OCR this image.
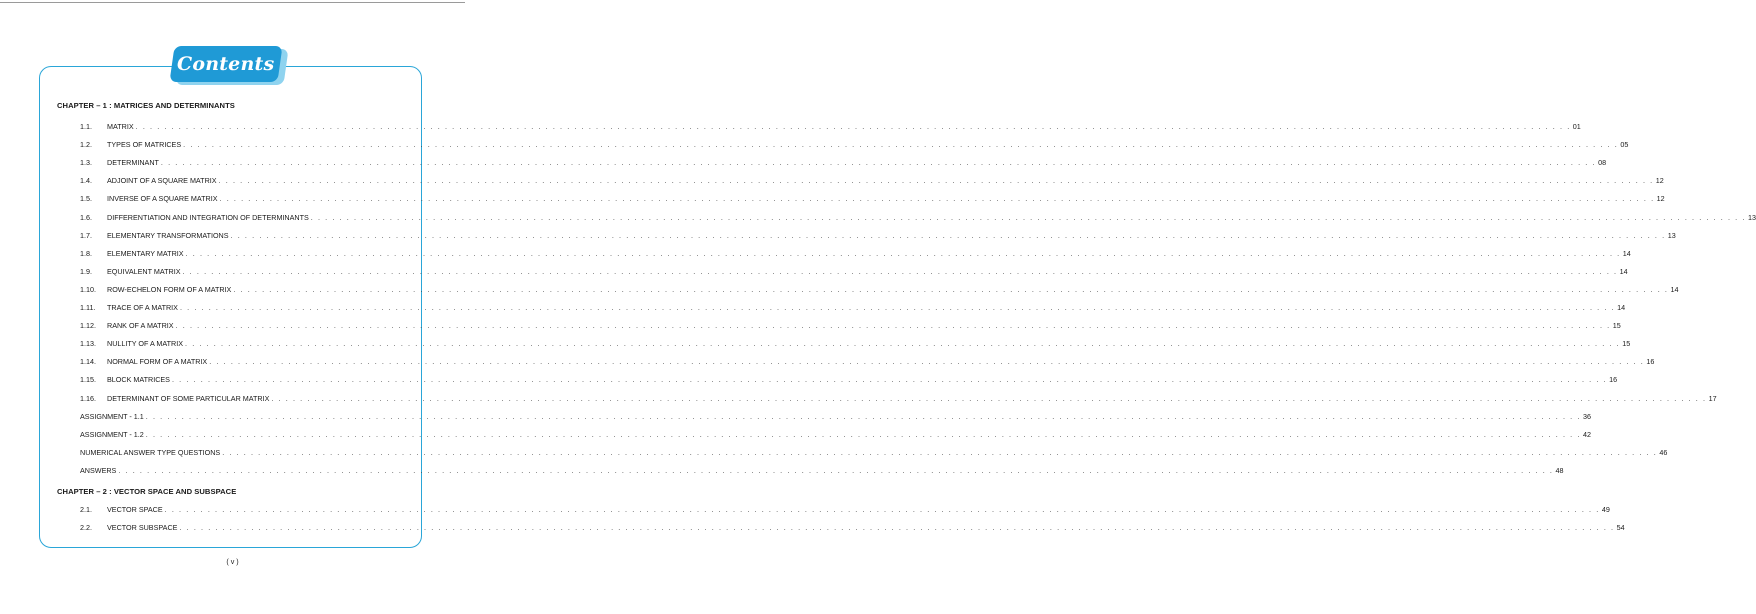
Contents
CHAPTER – 1 : MATRICES AND DETERMINANTS
1.1.	MATRIX . . . . . . . . . . . . . . . . . . . . . . . . . . . . . . . . . . . . . . . . . . . . . . . . . . . . . . . . . . . . . . . . . . . . . . . . . . . . . . . . . . . . . . . . . . . . . . . . . . . . . . . . . . . . . . . . . . . . . . . . . . . . . . . . . . . . . . . . . . . . . . . . . . . . . . . . . . . . . . . . . . . . . . . . . . . . . . . . . . . . . . . . . . . . . . . . . . . . . . . . 01
1.2.	TYPES OF MATRICES . . . . . . . . . . . . . . . . . . . . . . . . . . . . . . . . . . . . . . . . . . . . . . . . . . . . . . . . . . . . . . . . . . . . . . . . . . . . . . . . . . . . . . . . . . . . . . . . . . . . . . . . . . . . . . . . . . . . . . . . . . . . . . . . . . . . . . . . . . . . . . . . . . . . . . . . . . . . . . . . . . . . . . . . . . . . . . . . . . . . . . . . . . . . . . . . . . . . . . . . 05
1.3.	DETERMINANT . . . . . . . . . . . . . . . . . . . . . . . . . . . . . . . . . . . . . . . . . . . . . . . . . . . . . . . . . . . . . . . . . . . . . . . . . . . . . . . . . . . . . . . . . . . . . . . . . . . . . . . . . . . . . . . . . . . . . . . . . . . . . . . . . . . . . . . . . . . . . . . . . . . . . . . . . . . . . . . . . . . . . . . . . . . . . . . . . . . . . . . . . . . . . . . . . . . . . . . . 08
1.4.	ADJOINT OF A SQUARE MATRIX . . . . . . . . . . . . . . . . . . . . . . . . . . . . . . . . . . . . . . . . . . . . . . . . . . . . . . . . . . . . . . . . . . . . . . . . . . . . . . . . . . . . . . . . . . . . . . . . . . . . . . . . . . . . . . . . . . . . . . . . . . . . . . . . . . . . . . . . . . . . . . . . . . . . . . . . . . . . . . . . . . . . . . . . . . . . . . . . . . . . . . . . . . . . . . . . . . . . . . . . 12
1.5.	INVERSE OF A SQUARE MATRIX . . . . . . . . . . . . . . . . . . . . . . . . . . . . . . . . . . . . . . . . . . . . . . . . . . . . . . . . . . . . . . . . . . . . . . . . . . . . . . . . . . . . . . . . . . . . . . . . . . . . . . . . . . . . . . . . . . . . . . . . . . . . . . . . . . . . . . . . . . . . . . . . . . . . . . . . . . . . . . . . . . . . . . . . . . . . . . . . . . . . . . . . . . . . . . . . . . . . . . . . 12
1.6.	DIFFERENTIATION AND INTEGRATION OF DETERMINANTS . . . . . . . . . . . . . . . . . . . . . . . . . . . . . . . . . . . . . . . . . . . . . . . . . . . . . . . . . . . . . . . . . . . . . . . . . . . . . . . . . . . . . . . . . . . . . . . . . . . . . . . . . . . . . . . . . . . . . . . . . . . . . . . . . . . . . . . . . . . . . . . . . . . . . . . . . . . . . . . . . . . . . . . . . . . . . . . . . . . . . . . . . . . . . . . . . . . . . . . . 13
1.7.	ELEMENTARY TRANSFORMATIONS . . . . . . . . . . . . . . . . . . . . . . . . . . . . . . . . . . . . . . . . . . . . . . . . . . . . . . . . . . . . . . . . . . . . . . . . . . . . . . . . . . . . . . . . . . . . . . . . . . . . . . . . . . . . . . . . . . . . . . . . . . . . . . . . . . . . . . . . . . . . . . . . . . . . . . . . . . . . . . . . . . . . . . . . . . . . . . . . . . . . . . . . . . . . . . . . . . . . . . . . 13
1.8.	ELEMENTARY MATRIX . . . . . . . . . . . . . . . . . . . . . . . . . . . . . . . . . . . . . . . . . . . . . . . . . . . . . . . . . . . . . . . . . . . . . . . . . . . . . . . . . . . . . . . . . . . . . . . . . . . . . . . . . . . . . . . . . . . . . . . . . . . . . . . . . . . . . . . . . . . . . . . . . . . . . . . . . . . . . . . . . . . . . . . . . . . . . . . . . . . . . . . . . . . . . . . . . . . . . . . . 14
1.9.	EQUIVALENT MATRIX . . . . . . . . . . . . . . . . . . . . . . . . . . . . . . . . . . . . . . . . . . . . . . . . . . . . . . . . . . . . . . . . . . . . . . . . . . . . . . . . . . . . . . . . . . . . . . . . . . . . . . . . . . . . . . . . . . . . . . . . . . . . . . . . . . . . . . . . . . . . . . . . . . . . . . . . . . . . . . . . . . . . . . . . . . . . . . . . . . . . . . . . . . . . . . . . . . . . . . . . 14
1.10.	ROW-ECHELON FORM OF A MATRIX . . . . . . . . . . . . . . . . . . . . . . . . . . . . . . . . . . . . . . . . . . . . . . . . . . . . . . . . . . . . . . . . . . . . . . . . . . . . . . . . . . . . . . . . . . . . . . . . . . . . . . . . . . . . . . . . . . . . . . . . . . . . . . . . . . . . . . . . . . . . . . . . . . . . . . . . . . . . . . . . . . . . . . . . . . . . . . . . . . . . . . . . . . . . . . . . . . . . . . . . 14
1.11.	TRACE OF A MATRIX . . . . . . . . . . . . . . . . . . . . . . . . . . . . . . . . . . . . . . . . . . . . . . . . . . . . . . . . . . . . . . . . . . . . . . . . . . . . . . . . . . . . . . . . . . . . . . . . . . . . . . . . . . . . . . . . . . . . . . . . . . . . . . . . . . . . . . . . . . . . . . . . . . . . . . . . . . . . . . . . . . . . . . . . . . . . . . . . . . . . . . . . . . . . . . . . . . . . . . . . 14
1.12.	RANK OF A MATRIX . . . . . . . . . . . . . . . . . . . . . . . . . . . . . . . . . . . . . . . . . . . . . . . . . . . . . . . . . . . . . . . . . . . . . . . . . . . . . . . . . . . . . . . . . . . . . . . . . . . . . . . . . . . . . . . . . . . . . . . . . . . . . . . . . . . . . . . . . . . . . . . . . . . . . . . . . . . . . . . . . . . . . . . . . . . . . . . . . . . . . . . . . . . . . . . . . . . . . . . . 15
1.13.	NULLITY OF A MATRIX . . . . . . . . . . . . . . . . . . . . . . . . . . . . . . . . . . . . . . . . . . . . . . . . . . . . . . . . . . . . . . . . . . . . . . . . . . . . . . . . . . . . . . . . . . . . . . . . . . . . . . . . . . . . . . . . . . . . . . . . . . . . . . . . . . . . . . . . . . . . . . . . . . . . . . . . . . . . . . . . . . . . . . . . . . . . . . . . . . . . . . . . . . . . . . . . . . . . . . . . 15
1.14.	NORMAL FORM OF A MATRIX . . . . . . . . . . . . . . . . . . . . . . . . . . . . . . . . . . . . . . . . . . . . . . . . . . . . . . . . . . . . . . . . . . . . . . . . . . . . . . . . . . . . . . . . . . . . . . . . . . . . . . . . . . . . . . . . . . . . . . . . . . . . . . . . . . . . . . . . . . . . . . . . . . . . . . . . . . . . . . . . . . . . . . . . . . . . . . . . . . . . . . . . . . . . . . . . . . . . . . . . 16
1.15.	BLOCK MATRICES . . . . . . . . . . . . . . . . . . . . . . . . . . . . . . . . . . . . . . . . . . . . . . . . . . . . . . . . . . . . . . . . . . . . . . . . . . . . . . . . . . . . . . . . . . . . . . . . . . . . . . . . . . . . . . . . . . . . . . . . . . . . . . . . . . . . . . . . . . . . . . . . . . . . . . . . . . . . . . . . . . . . . . . . . . . . . . . . . . . . . . . . . . . . . . . . . . . . . . . . 16
1.16.	DETERMINANT OF SOME PARTICULAR MATRIX . . . . . . . . . . . . . . . . . . . . . . . . . . . . . . . . . . . . . . . . . . . . . . . . . . . . . . . . . . . . . . . . . . . . . . . . . . . . . . . . . . . . . . . . . . . . . . . . . . . . . . . . . . . . . . . . . . . . . . . . . . . . . . . . . . . . . . . . . . . . . . . . . . . . . . . . . . . . . . . . . . . . . . . . . . . . . . . . . . . . . . . . . . . . . . . . . . . . . . . . 17
ASSIGNMENT - 1.1 . . . . . . . . . . . . . . . . . . . . . . . . . . . . . . . . . . . . . . . . . . . . . . . . . . . . . . . . . . . . . . . . . . . . . . . . . . . . . . . . . . . . . . . . . . . . . . . . . . . . . . . . . . . . . . . . . . . . . . . . . . . . . . . . . . . . . . . . . . . . . . . . . . . . . . . . . . . . . . . . . . . . . . . . . . . . . . . . . . . . . . . . . . . . . . . . . . . . . . . . 36
ASSIGNMENT - 1.2 . . . . . . . . . . . . . . . . . . . . . . . . . . . . . . . . . . . . . . . . . . . . . . . . . . . . . . . . . . . . . . . . . . . . . . . . . . . . . . . . . . . . . . . . . . . . . . . . . . . . . . . . . . . . . . . . . . . . . . . . . . . . . . . . . . . . . . . . . . . . . . . . . . . . . . . . . . . . . . . . . . . . . . . . . . . . . . . . . . . . . . . . . . . . . . . . . . . . . . . . 42
NUMERICAL ANSWER TYPE QUESTIONS . . . . . . . . . . . . . . . . . . . . . . . . . . . . . . . . . . . . . . . . . . . . . . . . . . . . . . . . . . . . . . . . . . . . . . . . . . . . . . . . . . . . . . . . . . . . . . . . . . . . . . . . . . . . . . . . . . . . . . . . . . . . . . . . . . . . . . . . . . . . . . . . . . . . . . . . . . . . . . . . . . . . . . . . . . . . . . . . . . . . . . . . . . . . . . . . . . . . . . . . 46
ANSWERS . . . . . . . . . . . . . . . . . . . . . . . . . . . . . . . . . . . . . . . . . . . . . . . . . . . . . . . . . . . . . . . . . . . . . . . . . . . . . . . . . . . . . . . . . . . . . . . . . . . . . . . . . . . . . . . . . . . . . . . . . . . . . . . . . . . . . . . . . . . . . . . . . . . . . . . . . . . . . . . . . . . . . . . . . . . . . . . . . . . . . . . . . . . . . . . . . . . . . . . . 48
CHAPTER – 2 : VECTOR SPACE AND SUBSPACE
2.1.	VECTOR SPACE . . . . . . . . . . . . . . . . . . . . . . . . . . . . . . . . . . . . . . . . . . . . . . . . . . . . . . . . . . . . . . . . . . . . . . . . . . . . . . . . . . . . . . . . . . . . . . . . . . . . . . . . . . . . . . . . . . . . . . . . . . . . . . . . . . . . . . . . . . . . . . . . . . . . . . . . . . . . . . . . . . . . . . . . . . . . . . . . . . . . . . . . . . . . . . . . . . . . . . . . 49
2.2.	VECTOR SUBSPACE . . . . . . . . . . . . . . . . . . . . . . . . . . . . . . . . . . . . . . . . . . . . . . . . . . . . . . . . . . . . . . . . . . . . . . . . . . . . . . . . . . . . . . . . . . . . . . . . . . . . . . . . . . . . . . . . . . . . . . . . . . . . . . . . . . . . . . . . . . . . . . . . . . . . . . . . . . . . . . . . . . . . . . . . . . . . . . . . . . . . . . . . . . . . . . . . . . . . . . . . 54
( v )
